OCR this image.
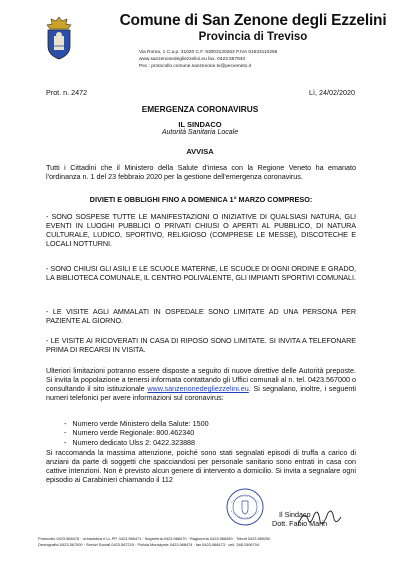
Comune di San Zenone degli Ezzelini
Provincia di Treviso
Via Roma, 1 C.a.p. 31020 C.F. 83003130263 P.IVA 01533110266
www.sanzenonedegliezzelini.eu fax. 0423.567840
Pec.: protocollo.comune.sanzenone.tv@pecveneto.it
Prot. n. 2472	Lì, 24/02/2020
EMERGENZA CORONAVIRUS
IL SINDACO
Autorità Sanitaria Locale
AVVISA
Tutti i Cittadini che il Ministero della Salute d'intesa con la Regione Veneto ha emanato l'ordinanza n. 1 del 23 febbraio 2020 per la gestione dell'emergenza coronavirus.
DIVIETI E OBBLIGHI FINO A DOMENICA 1° MARZO COMPRESO:
- SONO SOSPESE TUTTE LE MANIFESTAZIONI O INIZIATIVE DI QUALSIASI NATURA, GLI EVENTI IN LUOGHI PUBBLICI O PRIVATI CHIUSI O APERTI AL PUBBLICO, DI NATURA CULTURALE, LUDICO, SPORTIVO, RELIGIOSO (COMPRESE LE MESSE), DISCOTECHE E LOCALI NOTTURNI.
- SONO CHIUSI GLI ASILI E LE SCUOLE MATERNE, LE SCUOLE DI OGNI ORDINE E GRADO, LA BIBLIOTECA COMUNALE, IL CENTRO POLIVALENTE, GLI IMPIANTI SPORTIVI COMUNALI.
- LE VISITE AGLI AMMALATI IN OSPEDALE SONO LIMITATE AD UNA PERSONA PER PAZIENTE AL GIORNO.
- LE VISITE AI RICOVERATI IN CASA DI RIPOSO SONO LIMITATE. SI INVITA A TELEFONARE PRIMA DI RECARSI IN VISITA.
Ulteriori limitazioni potranno essere disposte a seguito di nuove direttive delle Autorità preposte. Si invita la popolazione a tenersi informata contattando gli Uffici comunali al n. tel. 0423.567000 o consultando il sito istituzionale www.sanzenonedegliezzelini.eu. Si segnalano, inoltre, i seguenti numeri telefonici per avere informazioni sul coronavirus:
-   Numero verde Ministero della Salute: 1500
-   Numero verde Regionale: 800.462340
-   Numero dedicato Ulss 2: 0422.323888
Si raccomanda la massima attenzione, poiché sono stati segnalati episodi di truffa a carico di anziani da parte di soggetti che spacciandosi per personale sanitario sono entrati in casa con cattive intenzioni. Non è previsto alcun genere di intervento a domicilio. Si invita a segnalare ogni episodio ai Carabinieri chiamando il 112
Il Sindaco
Dott. Fabio Marin
Protocollo 0423.968478 · Urbanistica e LL.PP. 0423.968471 · Segreteria 0423.968470 · Ragioneria 0423.968490 · Tributi 0423.969250
Demografici 0423.567000 · Servizi Sociali 0423.567215 · Polizia Municipale 0423.968474 · fax 0423.968473 · cell. 348.1506704
